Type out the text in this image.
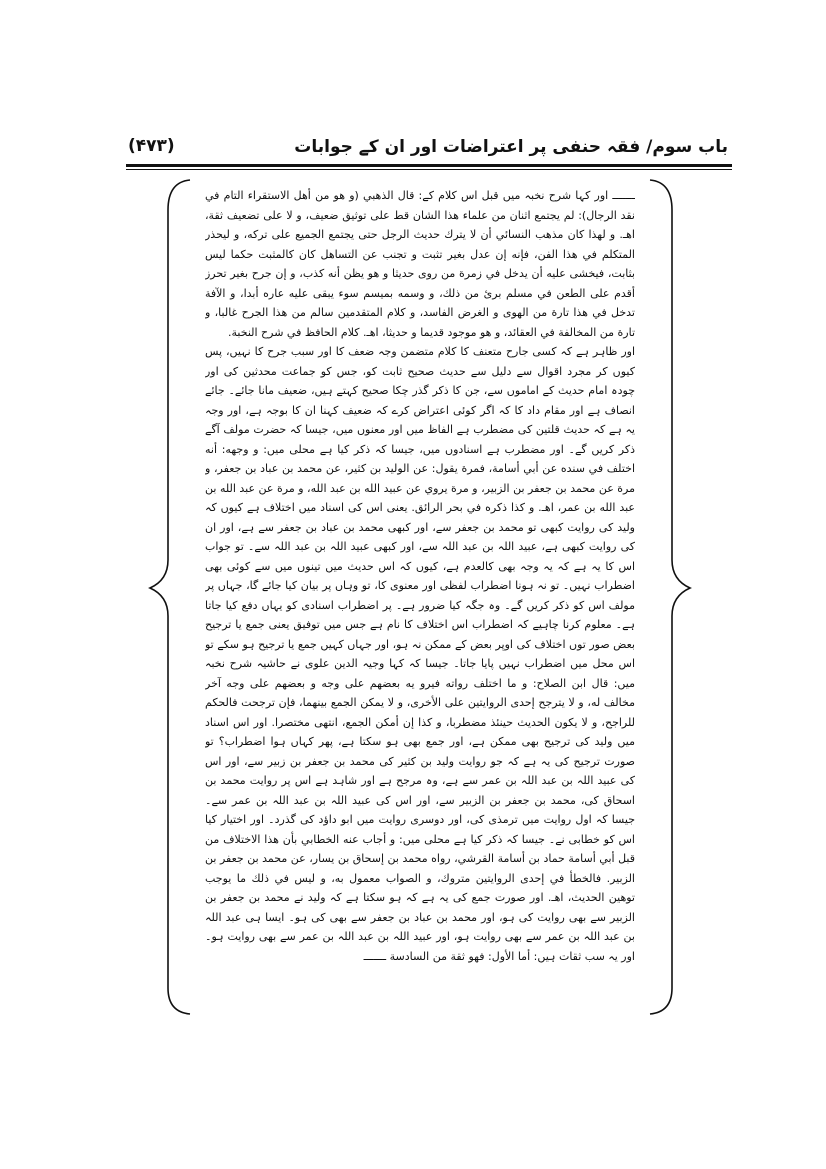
باب سوم/ فقہ حنفی پر اعتراضات اور ان کے جوابات
(۴۷۳)

ـــــــ اور کہا شرح نخبہ میں قبل اس کلام کے: قال الذهبي (و هو من أهل الاستقراء التام في نقد الرجال): لم يجتمع اثنان من علماء هذا الشان قط على توثيق ضعيف، و لا على تضعيف ثقة، اهـ. و لهذا كان مذهب النسائي أن لا يترك حديث الرجل حتى يجتمع الجميع على تركه، و ليحذر المتكلم في هذا الفن، فإنه إن عدل بغير تثبت و تجنب عن التساهل كان كالمثبت حكما ليس بثابت، فيخشى عليه أن يدخل في زمرة من روى حديثا و هو يظن أنه كذب، و إن جرح بغير تحرز أقدم على الطعن في مسلم برئ من ذلك، و وسمه بميسم سوء يبقى عليه عاره أبدا، و الآفة تدخل في هذا تارة من الهوى و الغرض الفاسد، و كلام المتقدمين سالم من هذا الجرح غالبا، و تارة من المخالفة في العقائد، و هو موجود قديما و حديثا، اهـ. كلام الحافظ في شرح النخبة.

اور ظاہر ہے کہ کسی جارح متعنف کا کلام متضمن وجہ ضعف کا اور سبب جرح کا نہیں، پس کیوں کر مجرد اقوال سے دلیل سے حدیث صحیح ثابت کو، جس کو جماعت محدثین کی اور چودہ امام حدیث کے اماموں سے، جن کا ذکر گذر چکا صحیح کہتے ہیں، ضعیف مانا جائے۔ جائے انصاف ہے اور مقام داد کا کہ اگر کوئی اعتراض کرے کہ ضعیف کہنا ان کا بوجہ ہے، اور وجہ یہ ہے کہ حدیث قلتین کی مضطرب ہے الفاظ میں اور معنوں میں، جیسا کہ حضرت مولف آگے ذکر کریں گے۔ اور مضطرب ہے اسنادوں میں، جیسا کہ ذکر کیا ہے محلی میں: و وجهه: أنه اختلف في سنده عن أبي أسامة، فمرة يقول: عن الوليد بن كثير، عن محمد بن عباد بن جعفر، و مرة عن محمد بن جعفر بن الزبير، و مرة يروي عن عبيد الله بن عبد الله، و مرة عن عبد الله بن عبد الله بن عمر، اهـ. و كذا ذكره في بحر الرائق. یعنی اس کی اسناد میں اختلاف ہے کیوں کہ ولید کی روایت کبھی تو محمد بن جعفر سے، اور کبھی محمد بن عباد بن جعفر سے ہے، اور ان کی روایت کبھی ہے، عبید اللہ بن عبد اللہ سے، اور کبھی عبید اللہ بن عبد اللہ سے۔ تو جواب اس کا یہ ہے کہ یہ وجہ بھی کالعدم ہے، کیوں کہ اس حدیث میں تینوں میں سے کوئی بھی اضطراب نہیں۔ تو نہ ہونا اضطراب لفظی اور معنوی کا، تو وہاں پر بیان کیا جائے گا، جہاں پر مولف اس کو ذکر کریں گے۔ وہ جگہ کیا ضرور ہے۔ پر اضطراب اسنادی کو یہاں دفع کیا جاتا ہے۔ معلوم کرنا چاہیے کہ اضطراب اس اختلاف کا نام ہے جس میں توفیق یعنی جمع یا ترجیح بعض صور توں اختلاف کی اوپر بعض کے ممکن نہ ہو، اور جہاں کہیں جمع یا ترجیح ہو سکے تو اس محل میں اضطراب نہیں پایا جاتا۔ جیسا کہ کہا وجیہ الدین علوی نے حاشیہ شرح نخبہ میں: قال ابن الصلاح: و ما اختلف رواته فيرو يه بعضهم على وجه و بعضهم على وجه آخر مخالف له، و لا يترجح إحدى الروايتين على الأخرى، و لا يمكن الجمع بينهما، فإن ترجحت فالحكم للراجح، و لا يكون الحديث حينئذ مضطربا، و كذا إن أمكن الجمع، انتهى مختصرا. اور اس اسناد میں ولید کی ترجیح بھی ممکن ہے، اور جمع بھی ہو سکتا ہے، پھر کہاں ہوا اضطراب؟ تو صورت ترجیح کی یہ ہے کہ جو روایت ولید بن کثیر کی محمد بن جعفر بن زبیر سے، اور اس کی عبید اللہ بن عبد اللہ بن عمر سے ہے، وہ مرجح ہے اور شاہد ہے اس پر روایت محمد بن اسحاق کی، محمد بن جعفر بن الزبیر سے، اور اس کی عبید اللہ بن عبد اللہ بن عمر سے۔ جیسا کہ اول روایت میں ترمذی کی، اور دوسری روایت میں ابو داؤد کی گذرد۔ اور اختیار کیا اس کو خطابی نے۔ جیسا کہ ذکر کیا ہے محلی میں: و أجاب عنه الخطابي بأن هذا الاختلاف من قبل أبي أسامة حماد بن أسامة القرشي، رواه محمد بن إسحاق بن يسار، عن محمد بن جعفر بن الزبير. فالخطأ في إحدى الروايتين متروك، و الصواب معمول به، و ليس في ذلك ما يوجب توهين الحديث، اهـ. اور صورت جمع کی یہ ہے کہ ہو سکتا ہے کہ ولید نے محمد بن جعفر بن الزبیر سے بھی روایت کی ہو، اور محمد بن عباد بن جعفر سے بھی کی ہو۔ ایسا ہی عبد اللہ بن عبد اللہ بن عمر سے بھی روایت ہو، اور عبید اللہ بن عبد اللہ بن عمر سے بھی روایت ہو۔ اور یہ سب ثقات ہیں: أما الأول: فهو ثقة من السادسة ـــــــ
